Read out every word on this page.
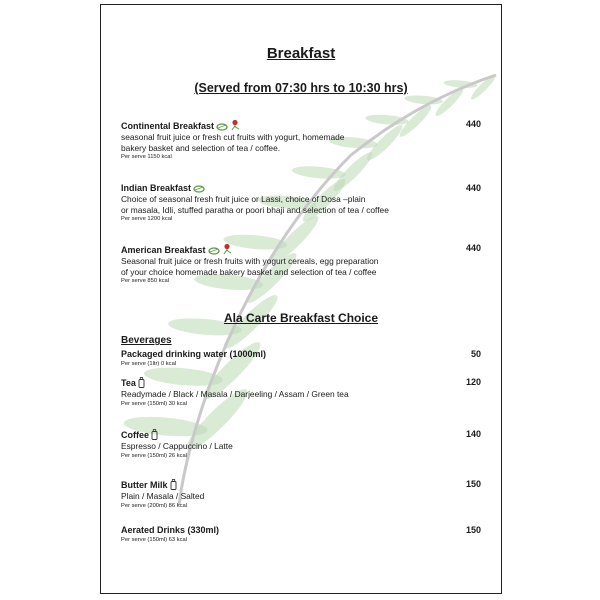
Breakfast
(Served from 07:30 hrs to 10:30 hrs)
Continental Breakfast	440
seasonal fruit juice or fresh cut fruits with yogurt, homemade
bakery basket and selection of tea / coffee.
Per serve 1150 kcal
Indian Breakfast	440
Choice of seasonal fresh fruit juice or Lassi, choice of Dosa –plain
or masala, Idli, stuffed paratha or poori bhaji and selection of tea / coffee
Per serve 1200 kcal
American Breakfast	440
Seasonal fruit juice or fresh fruits with yogurt cereals, egg preparation
of your choice homemade bakery basket and selection of tea / coffee
Per serve 850 kcal
Ala Carte Breakfast Choice
Beverages
Packaged drinking water (1000ml)	50
Per serve (1ltr) 0 kcal
Tea	120
Readymade / Black / Masala / Darjeeling / Assam / Green tea
Per serve (150ml) 30 kcal
Coffee	140
Espresso / Cappuccino / Latte
Per serve (150ml) 26 kcal
Butter Milk	150
Plain / Masala / Salted
Per serve (200ml) 86 kcal
Aerated Drinks (330ml)	150
Per serve (150ml) 63 kcal
